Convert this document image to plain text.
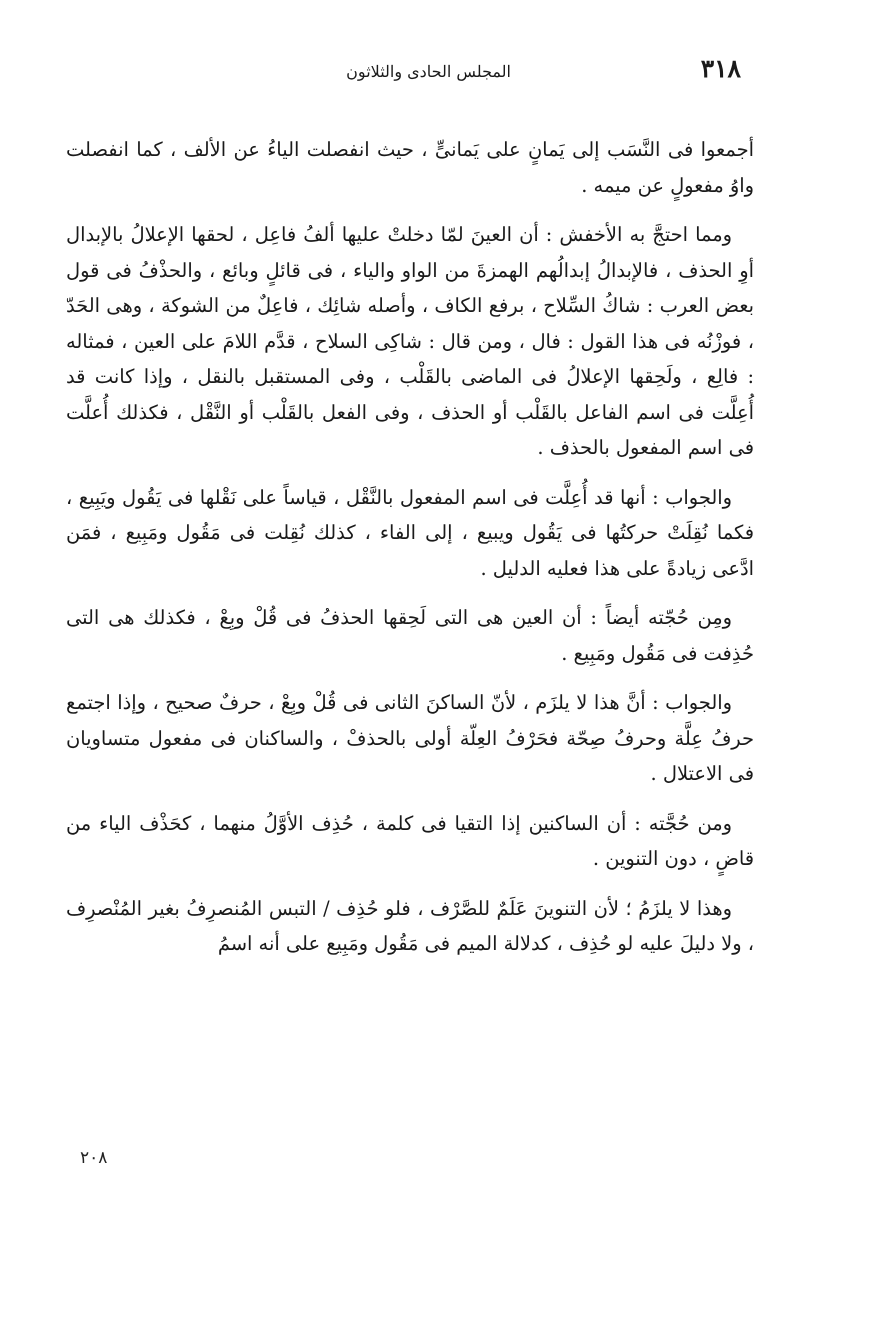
٣١٨
المجلس الحادى والثلاثون

أجمعوا فى النَّسَب إلى يَمانٍ على يَمانىٍّ ، حيث انفصلت الياءُ عن الألف ، كما انفصلت واوُ مفعولٍ عن ميمه .

ومما احتجَّ به الأخفش : أن العينَ لمّا دخلتْ عليها ألفُ فاعِل ، لحقها الإعلالُ بالإبدال أوِ الحذف ، فالإبدالُ إبدالُهم الهمزةَ من الواو والياء ، فى قائلٍ وبائع ، والحذْفُ فى قول بعض العرب : شاكُ السِّلاح ، برفع الكاف ، وأصله شائِك ، فاعِلٌ من الشوكة ، وهى الحَدّ ، فوزْنُه فى هذا القول : فال ، ومن قال : شاكِى السلاح ، قدَّم اللامَ على العين ، فمثاله : فالِع ، ولَحِقها الإعلالُ فى الماضى بالقَلْب ، وفى المستقبل بالنقل ، وإذا كانت قد أُعِلَّت فى اسم الفاعل بالقَلْب أو الحذف ، وفى الفعل بالقَلْب أو النَّقْل ، فكذلك أُعلَّت فى اسم المفعول بالحذف .

والجواب : أنها قد أُعِلَّت فى اسم المفعول بالنَّقْل ، قياساً على نَقْلها فى يَقُول ويَبِيع ، فكما نُقِلَتْ حركتُها فى يَقُول ويبيع ، إلى الفاء ، كذلك نُقِلت فى مَقُول ومَبِيع ، فمَن ادَّعى زيادةً على هذا فعليه الدليل .

ومِن حُجّته أيضاً : أن العين هى التى لَحِقها الحذفُ فى قُلْ وبِعْ ، فكذلك هى التى حُذِفت فى مَقُول ومَبِيع .

والجواب : أنَّ هذا لا يلزَم ، لأنّ الساكنَ الثانى فى قُلْ وبِعْ ، حرفٌ صحيح ، وإذا اجتمع حرفُ عِلَّة وحرفُ صِحّة فحَرْفُ العِلّة أولى بالحذفْ ، والساكنان فى مفعول متساويان فى الاعتلال .

ومن حُجَّته : أن الساكنين إذا التقيا فى كلمة ، حُذِف الأوَّلُ منهما ، كحَذْف الياء من قاضٍ ، دون التنوين .

وهذا لا يلزَمُ ؛ لأن التنوينَ عَلَمٌ للصَّرْف ، فلو حُذِف / التبس المُنصرِفُ بغير المُنْصرِف ، ولا دليلَ عليه لو حُذِف ، كدلالة الميم فى مَقُول ومَبِيع على أنه اسمُ

٢٠٨
